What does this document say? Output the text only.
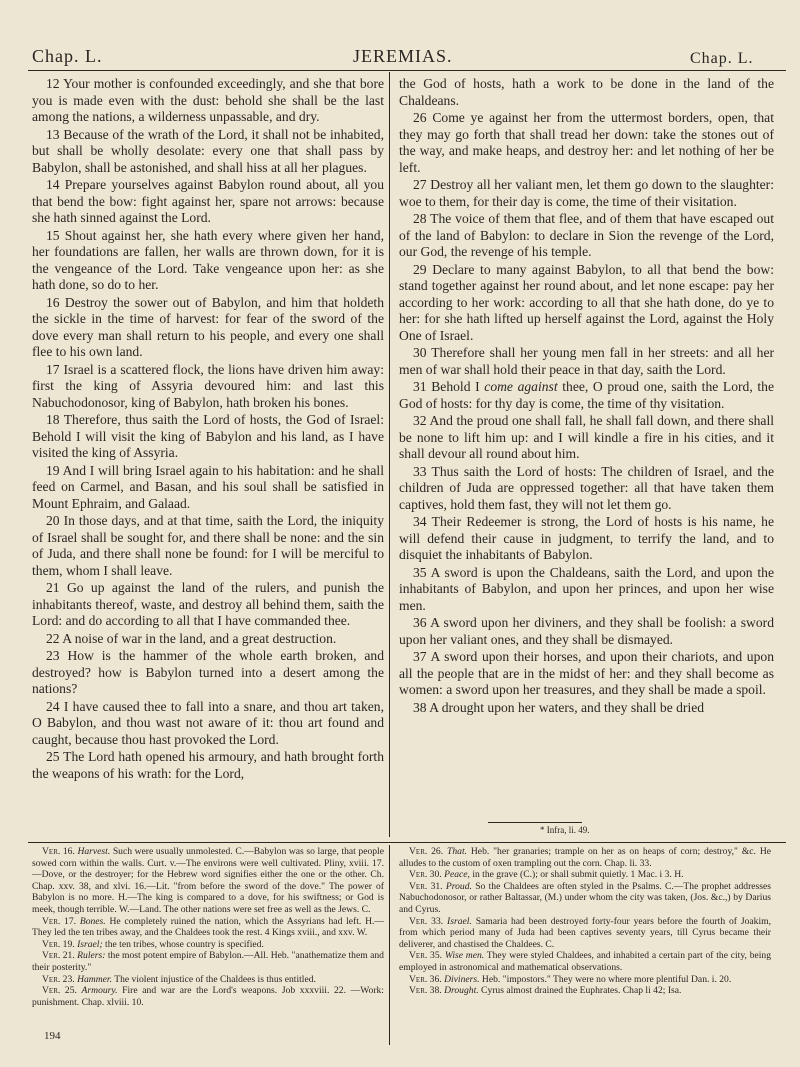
Chap. L.	JEREMIAS.	Chap. L.

12 Your mother is confounded exceedingly, and she that bore you is made even with the dust: behold she shall be the last among the nations, a wilderness unpassable, and dry.

13 Because of the wrath of the Lord, it shall not be inhabited, but shall be wholly desolate: every one that shall pass by Babylon, shall be astonished, and shall hiss at all her plagues.

14 Prepare yourselves against Babylon round about, all you that bend the bow: fight against her, spare not arrows: because she hath sinned against the Lord.

15 Shout against her, she hath every where given her hand, her foundations are fallen, her walls are thrown down, for it is the vengeance of the Lord. Take vengeance upon her: as she hath done, so do to her.

16 Destroy the sower out of Babylon, and him that holdeth the sickle in the time of harvest: for fear of the sword of the dove every man shall return to his people, and every one shall flee to his own land.

17 Israel is a scattered flock, the lions have driven him away: first the king of Assyria devoured him: and last this Nabuchodonosor, king of Babylon, hath broken his bones.

18 Therefore, thus saith the Lord of hosts, the God of Israel: Behold I will visit the king of Babylon and his land, as I have visited the king of Assyria.

19 And I will bring Israel again to his habitation: and he shall feed on Carmel, and Basan, and his soul shall be satisfied in Mount Ephraim, and Galaad.

20 In those days, and at that time, saith the Lord, the iniquity of Israel shall be sought for, and there shall be none: and the sin of Juda, and there shall none be found: for I will be merciful to them, whom I shall leave.

21 Go up against the land of the rulers, and punish the inhabitants thereof, waste, and destroy all behind them, saith the Lord: and do according to all that I have commanded thee.

22 A noise of war in the land, and a great destruction.

23 How is the hammer of the whole earth broken, and destroyed? how is Babylon turned into a desert among the nations?

24 I have caused thee to fall into a snare, and thou art taken, O Babylon, and thou wast not aware of it: thou art found and caught, because thou hast provoked the Lord.

25 The Lord hath opened his armoury, and hath brought forth the weapons of his wrath: for the Lord,

the God of hosts, hath a work to be done in the land of the Chaldeans.

26 Come ye against her from the uttermost borders, open, that they may go forth that shall tread her down: take the stones out of the way, and make heaps, and destroy her: and let nothing of her be left.

27 Destroy all her valiant men, let them go down to the slaughter: woe to them, for their day is come, the time of their visitation.

28 The voice of them that flee, and of them that have escaped out of the land of Babylon: to declare in Sion the revenge of the Lord, our God, the revenge of his temple.

29 Declare to many against Babylon, to all that bend the bow: stand together against her round about, and let none escape: pay her according to her work: according to all that she hath done, do ye to her: for she hath lifted up herself against the Lord, against the Holy One of Israel.

30 Therefore shall her young men fall in her streets: and all her men of war shall hold their peace in that day, saith the Lord.

31 Behold I come against thee, O proud one, saith the Lord, the God of hosts: for thy day is come, the time of thy visitation.

32 And the proud one shall fall, he shall fall down, and there shall be none to lift him up: and I will kindle a fire in his cities, and it shall devour all round about him.

33 Thus saith the Lord of hosts: The children of Israel, and the children of Juda are oppressed together: all that have taken them captives, hold them fast, they will not let them go.

34 Their Redeemer is strong, the Lord of hosts is his name, he will defend their cause in judgment, to terrify the land, and to disquiet the inhabitants of Babylon.

35 A sword is upon the Chaldeans, saith the Lord, and upon the inhabitants of Babylon, and upon her princes, and upon her wise men.

36 A sword upon her diviners, and they shall be foolish: a sword upon her valiant ones, and they shall be dismayed.

37 A sword upon their horses, and upon their chariots, and upon all the people that are in the midst of her: and they shall become as women: a sword upon her treasures, and they shall be made a spoil.

38 A drought upon her waters, and they shall be dried

* Infra, li. 49.

Ver. 16. Harvest. Such were usually unmolested. C.—Babylon was so large, that people sowed corn within the walls. Curt. v.—The environs were well cultivated. Pliny, xviii. 17.—Dove, or the destroyer; for the Hebrew word signifies either the one or the other. Ch. Chap. xxv. 38, and xlvi. 16.—Lit. "from before the sword of the dove." The power of Babylon is no more. H.—The king is compared to a dove, for his swiftness; or God is meek, though terrible. W.—Land. The other nations were set free as well as the Jews. C.

Ver. 17. Bones. He completely ruined the nation, which the Assyrians had left. H.—They led the ten tribes away, and the Chaldees took the rest. 4 Kings xviii., and xxv. W.

Ver. 19. Israel; the ten tribes, whose country is specified.

Ver. 21. Rulers: the most potent empire of Babylon.—All. Heb. "anathematize them and their posterity."

Ver. 23. Hammer. The violent injustice of the Chaldees is thus entitled.

Ver. 25. Armoury. Fire and war are the Lord's weapons. Job xxxviii. 22. —Work: punishment. Chap. xlviii. 10.

Ver. 26. That. Heb. "her granaries; trample on her as on heaps of corn; destroy," &c. He alludes to the custom of oxen trampling out the corn. Chap. li. 33.

Ver. 30. Peace, in the grave (C.); or shall submit quietly. 1 Mac. i 3. H.

Ver. 31. Proud. So the Chaldees are often styled in the Psalms. C.—The prophet addresses Nabuchodonosor, or rather Baltassar, (M.) under whom the city was taken, (Jos. &c.,) by Darius and Cyrus.

Ver. 33. Israel. Samaria had been destroyed forty-four years before the fourth of Joakim, from which period many of Juda had been captives seventy years, till Cyrus became their deliverer, and chastised the Chaldees. C.

Ver. 35. Wise men. They were styled Chaldees, and inhabited a certain part of the city, being employed in astronomical and mathematical observations.

Ver. 36. Diviners. Heb. "impostors." They were no where more plentiful Dan. i. 20.

Ver. 38. Drought. Cyrus almost drained the Euphrates. Chap li 42; Isa.

194
